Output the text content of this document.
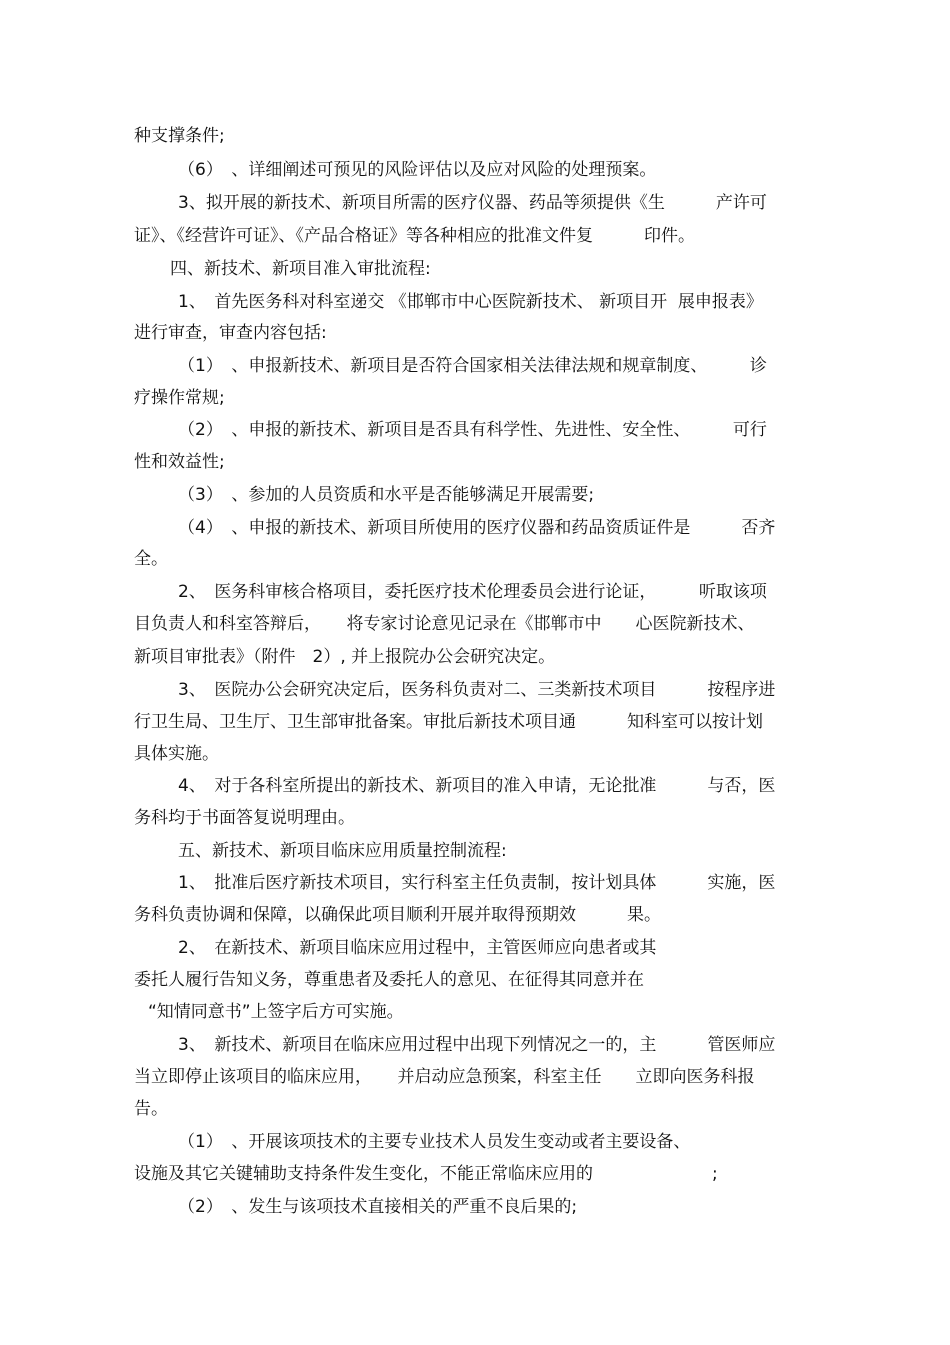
种支撑条件;
（6）　、详细阐述可预见的风险评估以及应对风险的处理预案。
3、拟开展的新技术、新项目所需的医疗仪器、药品等须提供《生　　　产许可
证》、《经营许可证》、《产品合格证》等各种相应的批准文件复　　　印件。
四、新技术、新项目准入审批流程:
1、　首先医务科对科室递交 《邯郸市中心医院新技术、 新项目开  展申报表》
进行审查，审查内容包括:
（1）　、申报新技术、新项目是否符合国家相关法律法规和规章制度、　　　诊
疗操作常规;
（2）　、申报的新技术、新项目是否具有科学性、先进性、安全性、　　　可行
性和效益性;
（3）　、参加的人员资质和水平是否能够满足开展需要;
（4）　、申报的新技术、新项目所使用的医疗仪器和药品资质证件是　　　否齐
全。
2、　医务科审核合格项目，委托医疗技术伦理委员会进行论证，　　　听取该项
目负责人和科室答辩后，　　将专家讨论意见记录在《邯郸市中　　心医院新技术、
新项目审批表》（附件　2）, 并上报院办公会研究决定。
3、　医院办公会研究决定后，医务科负责对二、三类新技术项目　　　按程序进
行卫生局、卫生厅、卫生部审批备案。审批后新技术项目通　　　知科室可以按计划
具体实施。
4、　对于各科室所提出的新技术、新项目的准入申请，无论批准　　　与否，医
务科均于书面答复说明理由。
五、新技术、新项目临床应用质量控制流程:
1、　批准后医疗新技术项目，实行科室主任负责制，按计划具体　　　实施，医
务科负责协调和保障，以确保此项目顺利开展并取得预期效　　　果。
2、　在新技术、新项目临床应用过程中，主管医师应向患者或其
委托人履行告知义务，尊重患者及委托人的意见、在征得其同意并在
“知情同意书”上签字后方可实施。
3、　新技术、新项目在临床应用过程中出现下列情况之一的，主　　　管医师应
当立即停止该项目的临床应用，　　并启动应急预案，科室主任　　立即向医务科报
告。
（1）　、开展该项技术的主要专业技术人员发生变动或者主要设备、
设施及其它关键辅助支持条件发生变化，不能正常临床应用的　　　　　　　;
（2）　、发生与该项技术直接相关的严重不良后果的;
